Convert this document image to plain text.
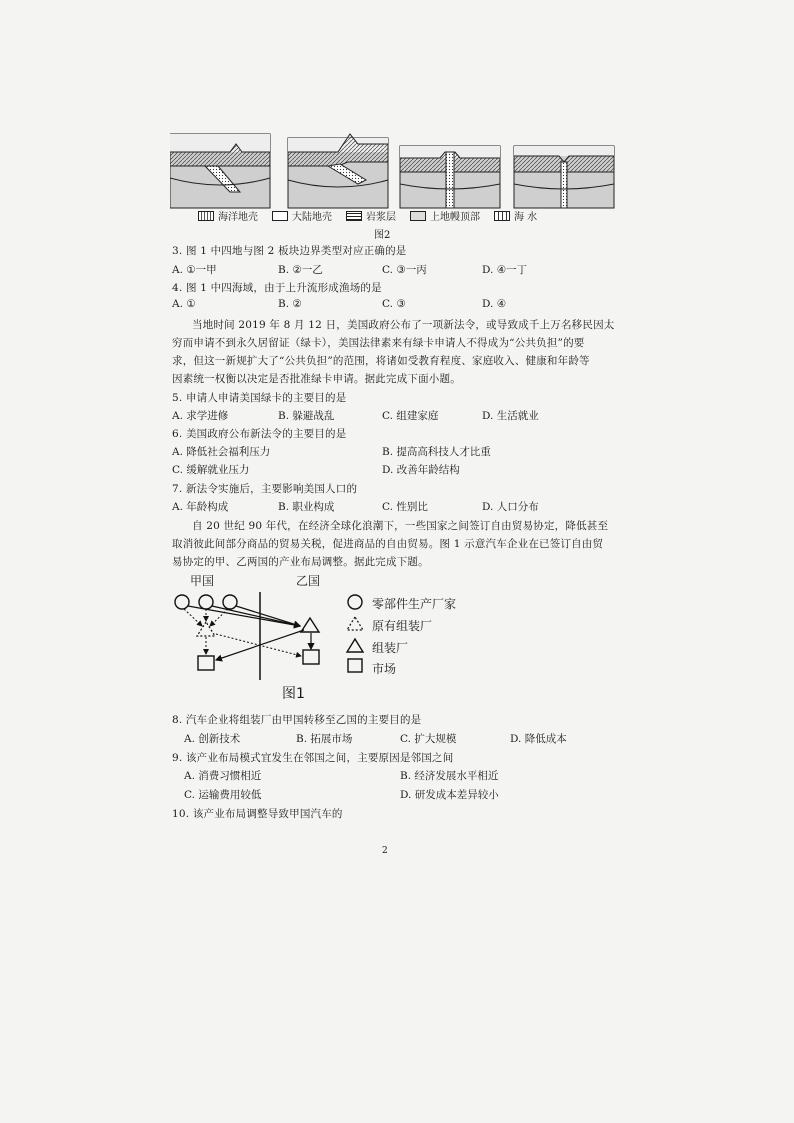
海洋地壳	大陆地壳	岩浆层	上地幔顶部	海 水
图2
3. 图 1 中四地与图 2 板块边界类型对应正确的是
A. ①一甲	B. ②一乙	C. ③一丙	D. ④一丁
4. 图 1 中四海域，由于上升流形成渔场的是
A. ①	B. ②	C. ③	D. ④
当地时间 2019 年 8 月 12 日，美国政府公布了一项新法令，或导致成千上万名移民因太
穷而申请不到永久居留证（绿卡），美国法律素来有绿卡申请人不得成为“公共负担”的要
求，但这一新规扩大了“公共负担”的范围，将诸如受教育程度、家庭收入、健康和年龄等
因素统一权衡以决定是否批准绿卡申请。据此完成下面小题。
5. 申请人申请美国绿卡的主要目的是
A. 求学进修	B. 躲避战乱	C. 组建家庭	D. 生活就业
6. 美国政府公布新法令的主要目的是
A. 降低社会福利压力	B. 提高高科技人才比重
C. 缓解就业压力	D. 改善年龄结构
7. 新法令实施后，主要影响美国人口的
A. 年龄构成	B. 职业构成	C. 性别比	D. 人口分布
自 20 世纪 90 年代，在经济全球化浪潮下，一些国家之间签订自由贸易协定，降低甚至
取消彼此间部分商品的贸易关税，促进商品的自由贸易。图 1 示意汽车企业在已签订自由贸
易协定的甲、乙两国的产业布局调整。据此完成下题。
甲国	乙国
零部件生产厂家
原有组装厂
组装厂
市场
图1
8. 汽车企业将组装厂由甲国转移至乙国的主要目的是
A. 创新技术	B. 拓展市场	C. 扩大规模	D. 降低成本
9. 该产业布局模式宜发生在邻国之间，主要原因是邻国之间
A. 消费习惯相近	B. 经济发展水平相近
C. 运输费用较低	D. 研发成本差异较小
10. 该产业布局调整导致甲国汽车的
2
